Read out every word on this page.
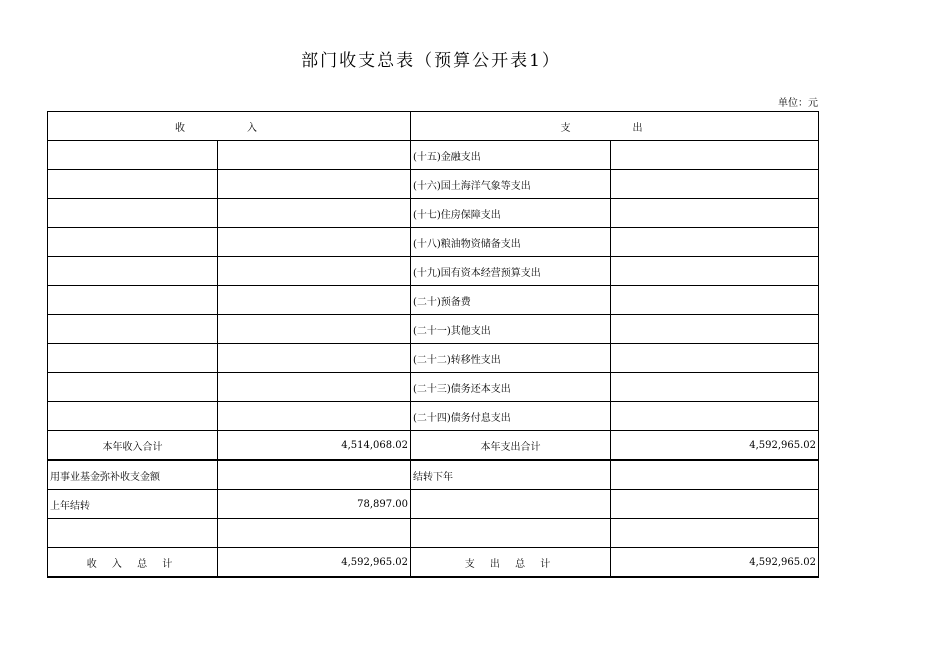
部门收支总表（预算公开表1）
单位：元
收　入		支　出	
		(十五)金融支出	
		(十六)国土海洋气象等支出	
		(十七)住房保障支出	
		(十八)粮油物资储备支出	
		(十九)国有资本经营预算支出	
		(二十)预备费	
		(二十一)其他支出	
		(二十二)转移性支出	
		(二十三)债务还本支出	
		(二十四)债务付息支出	
本年收入合计	4,514,068.02	本年支出合计	4,592,965.02
用事业基金弥补收支金额		结转下年	
上年结转	78,897.00		

收 入 总 计	4,592,965.02	支 出 总 计	4,592,965.02
